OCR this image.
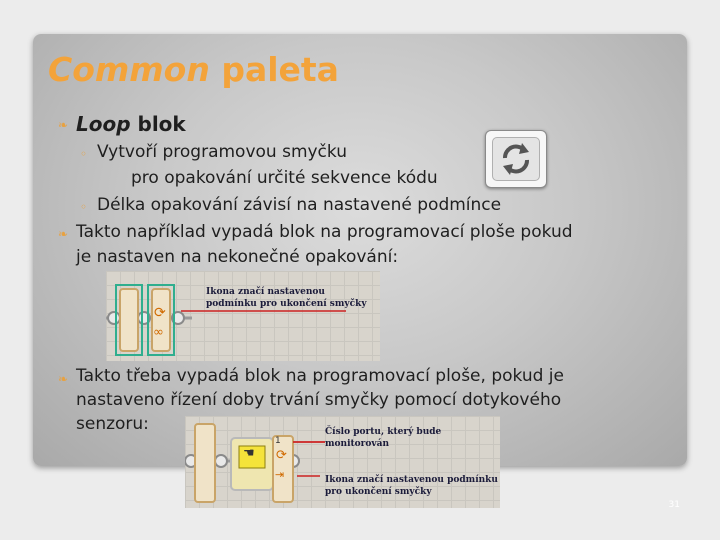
Common paleta
❧ Loop blok
◦ Vytvoří programovou smyčku
pro opakování určité sekvence kódu
◦ Délka opakování závisí na nastavené podmínce
❧ Takto například vypadá blok na programovací ploše pokud
je nastaven na nekonečné opakování:
⟳
∞
Ikona značí nastavenou
podmínku pro ukončení smyčky
❧ Takto třeba vypadá blok na programovací ploše, pokud je
nastaveno řízení doby trvání smyčky pomocí dotykového
senzoru:
☚
1
⟳
⇥
Číslo portu, který bude
monitorován
Ikona značí nastavenou podmínku
pro ukončení smyčky
31
